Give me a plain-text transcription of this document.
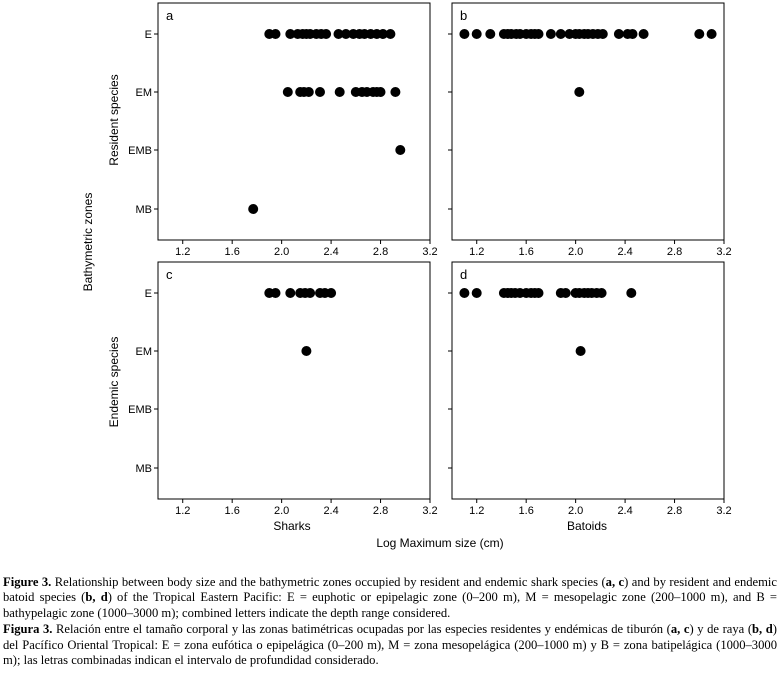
Bathymetric zones
Resident species
Endemic species
Sharks	Batoids
Log Maximum size (cm)
a
E
EM
EMB
MB
1.2	1.6	2.0	2.4	2.8	3.2
b
1.2	1.6	2.0	2.4	2.8	3.2
c
E
EM
EMB
MB
1.2	1.6	2.0	2.4	2.8	3.2
d
1.2	1.6	2.0	2.4	2.8	3.2

Figure 3. Relationship between body size and the bathymetric zones occupied by resident and endemic shark species (a, c) and by resident and endemic batoid species (b, d) of the Tropical Eastern Pacific: E = euphotic or epipelagic zone (0–200 m), M = mesopelagic zone (200–1000 m), and B = bathypelagic zone (1000–3000 m); combined letters indicate the depth range considered.

Figura 3. Relación entre el tamaño corporal y las zonas batimétricas ocupadas por las especies residentes y endémicas de tiburón (a, c) y de raya (b, d) del Pacífico Oriental Tropical: E = zona eufótica o epipelágica (0–200 m), M = zona mesopelágica (200–1000 m) y B = zona batipelágica (1000–3000 m); las letras combinadas indican el intervalo de profundidad considerado.
